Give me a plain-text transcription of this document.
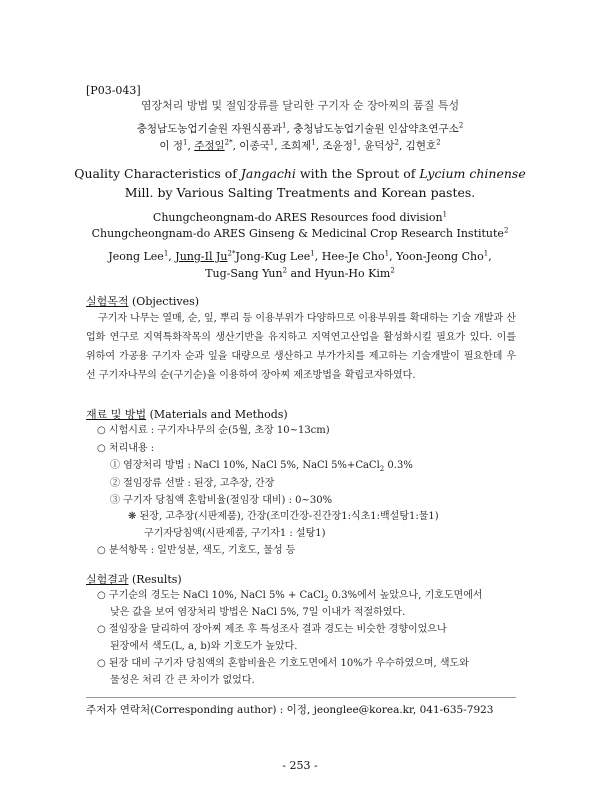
[P03-043]
염장처리 방법 및 절임장류를 달리한 구기자 순 장아찌의 품질 특성
충청남도농업기술원 자원식품과$^1$, 충청남도농업기술원 인삼약초연구소$^2$
이 정$^1$, 주정일$^{2*}$, 이종국$^1$, 조희제$^1$, 조윤정$^1$, 윤덕상$^2$, 김현호$^2$
Quality Characteristics of Jangachi with the Sprout of Lycium chinense
Mill. by Various Salting Treatments and Korean pastes.
Chungcheongnam-do ARES Resources food division$^1$
Chungcheongnam-do ARES Ginseng & Medicinal Crop Research Institute$^2$
Jeong Lee$^1$, Jung-Il $Ju^{2*}Jong$-Kug Lee$^1$, Hee-Je Cho$^1$, Yoon-Jeong Cho$^1$,
Tug-Sang Yun$^2$ and Hyun-Ho Kim$^2$
실험목적 (Objectives)
구기자 나무는 열매, 순, 잎, 뿌리 등 이용부위가 다양하므로 이용부위를 확대하는 기술 개발과 산업화 연구로 지역특화작목의 생산기반을 유지하고 지역연고산업을 활성화시킬 필요가 있다. 이를 위하여 가공용 구기자 순과 잎을 대량으로 생산하고 부가가치를 제고하는 기술개발이 필요한데 우선 구기자나무의 순(구기순)을 이용하여 장아찌 제조방법을 확립코자하였다.
재료 및 방법 (Materials and Methods)
○ 시험시료 : 구기자나무의 순(5월, 초장 10~13cm)
○ 처리내용 :
① 염장처리 방법 : NaCl 10%, NaCl 5%, NaCl 5%+CaCl$_2$ 0.3%
② 절임장류 선발 : 된장, 고추장, 간장
③ 구기자 당침액 혼합비율(절임장 대비) : 0~30%
❋ 된장, 고추장(시판제품), 간장(조미간장-진간장1:식초1:백설탕1:물1)
구기자당침액(시판제품, 구기자1 : 설탕1)
○ 분석항목 : 일반성분, 색도, 기호도, 물성 등
실험결과 (Results)
○ 구기순의 경도는 NaCl 10%, NaCl 5% + CaCl$_2$ 0.3%에서 높았으나, 기호도면에서
낮은 값을 보여 염장처리 방법은 NaCl 5%, 7일 이내가 적절하였다.
○ 절임장을 달리하여 장아찌 제조 후 특성조사 결과 경도는 비슷한 경향이었으나
된장에서 색도(L, a, b)와 기호도가 높았다.
○ 된장 대비 구기자 당침액의 혼합비율은 기호도면에서 10%가 우수하였으며, 색도와
물성은 처리 간 큰 차이가 없었다.
주저자 연락처(Corresponding author) : 이정, jeonglee@korea.kr, 041-635-7923
- 253 -
